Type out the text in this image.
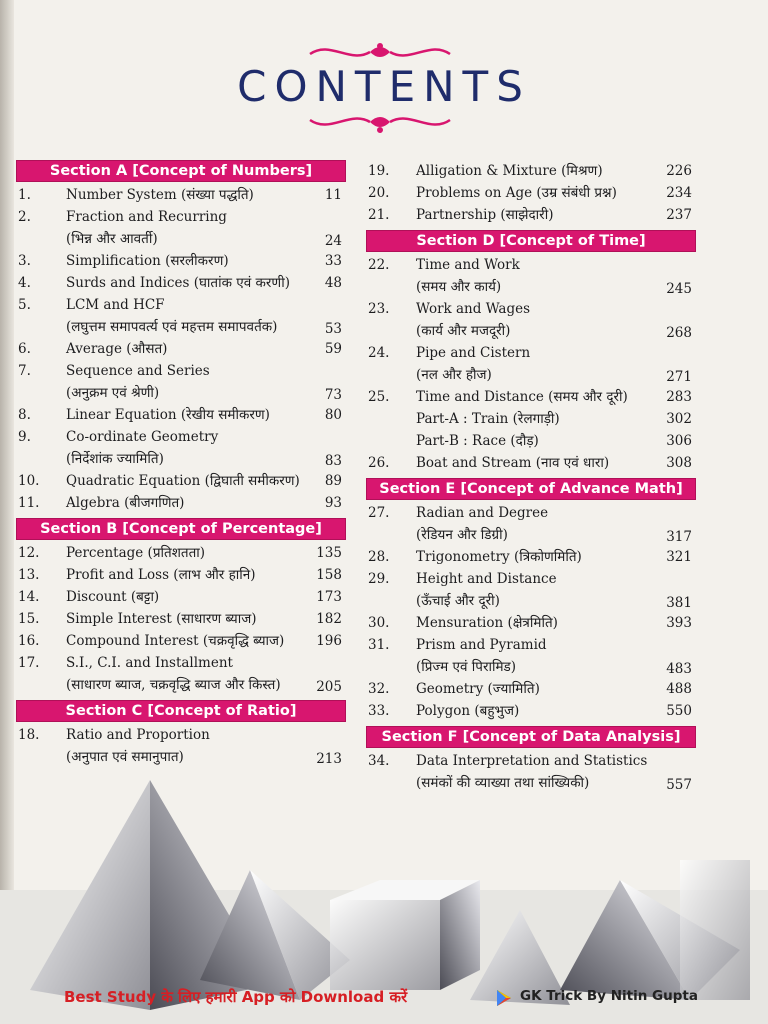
CONTENTS
Section A [Concept of Numbers]
1.	Number System (संख्या पद्धति)	11
2.	Fraction and Recurring
(भिन्न और आवर्ती)	24
3.	Simplification (सरलीकरण)	33
4.	Surds and Indices (घातांक एवं करणी)	48
5.	LCM and HCF
(लघुत्तम समापवर्त्य एवं महत्तम समापवर्तक)	53
6.	Average (औसत)	59
7.	Sequence and Series
(अनुक्रम एवं श्रेणी)	73
8.	Linear Equation (रेखीय समीकरण)	80
9.	Co-ordinate Geometry
(निर्देशांक ज्यामिति)	83
10. Quadratic Equation (द्विघाती समीकरण) 89
11. Algebra (बीजगणित)	93
Section B [Concept of Percentage]
12. Percentage (प्रतिशतता)	135
13. Profit and Loss (लाभ और हानि)	158
14. Discount (बट्टा)	173
15. Simple Interest (साधारण ब्याज)	182
16. Compound Interest (चक्रवृद्धि ब्याज)	196
17. S.I., C.I. and Installment
(साधारण ब्याज, चक्रवृद्धि ब्याज और किस्त)	205
Section C [Concept of Ratio]
18. Ratio and Proportion
(अनुपात एवं समानुपात)	213
19. Alligation & Mixture (मिश्रण)	226
20. Problems on Age (उम्र संबंधी प्रश्न)	234
21. Partnership (साझेदारी)	237
Section D [Concept of Time]
22. Time and Work
(समय और कार्य)	245
23. Work and Wages
(कार्य और मजदूरी)	268
24. Pipe and Cistern
(नल और हौज)	271
25. Time and Distance (समय और दूरी)	283
Part-A : Train (रेलगाड़ी)	302
Part-B : Race (दौड़)	306
26. Boat and Stream (नाव एवं धारा)	308
Section E [Concept of Advance Math]
27. Radian and Degree
(रेडियन और डिग्री)	317
28. Trigonometry (त्रिकोणमिति)	321
29. Height and Distance
(ऊँचाई और दूरी)	381
30. Mensuration (क्षेत्रमिति)	393
31. Prism and Pyramid
(प्रिज्म एवं पिरामिड)	483
32. Geometry (ज्यामिति)	488
33. Polygon (बहुभुज)	550
Section F [Concept of Data Analysis]
34. Data Interpretation and Statistics
(समंकों की व्याख्या तथा सांख्यिकी)	557
Best Study के लिए हमारी App को Download करें	GK Trick By Nitin Gupta
